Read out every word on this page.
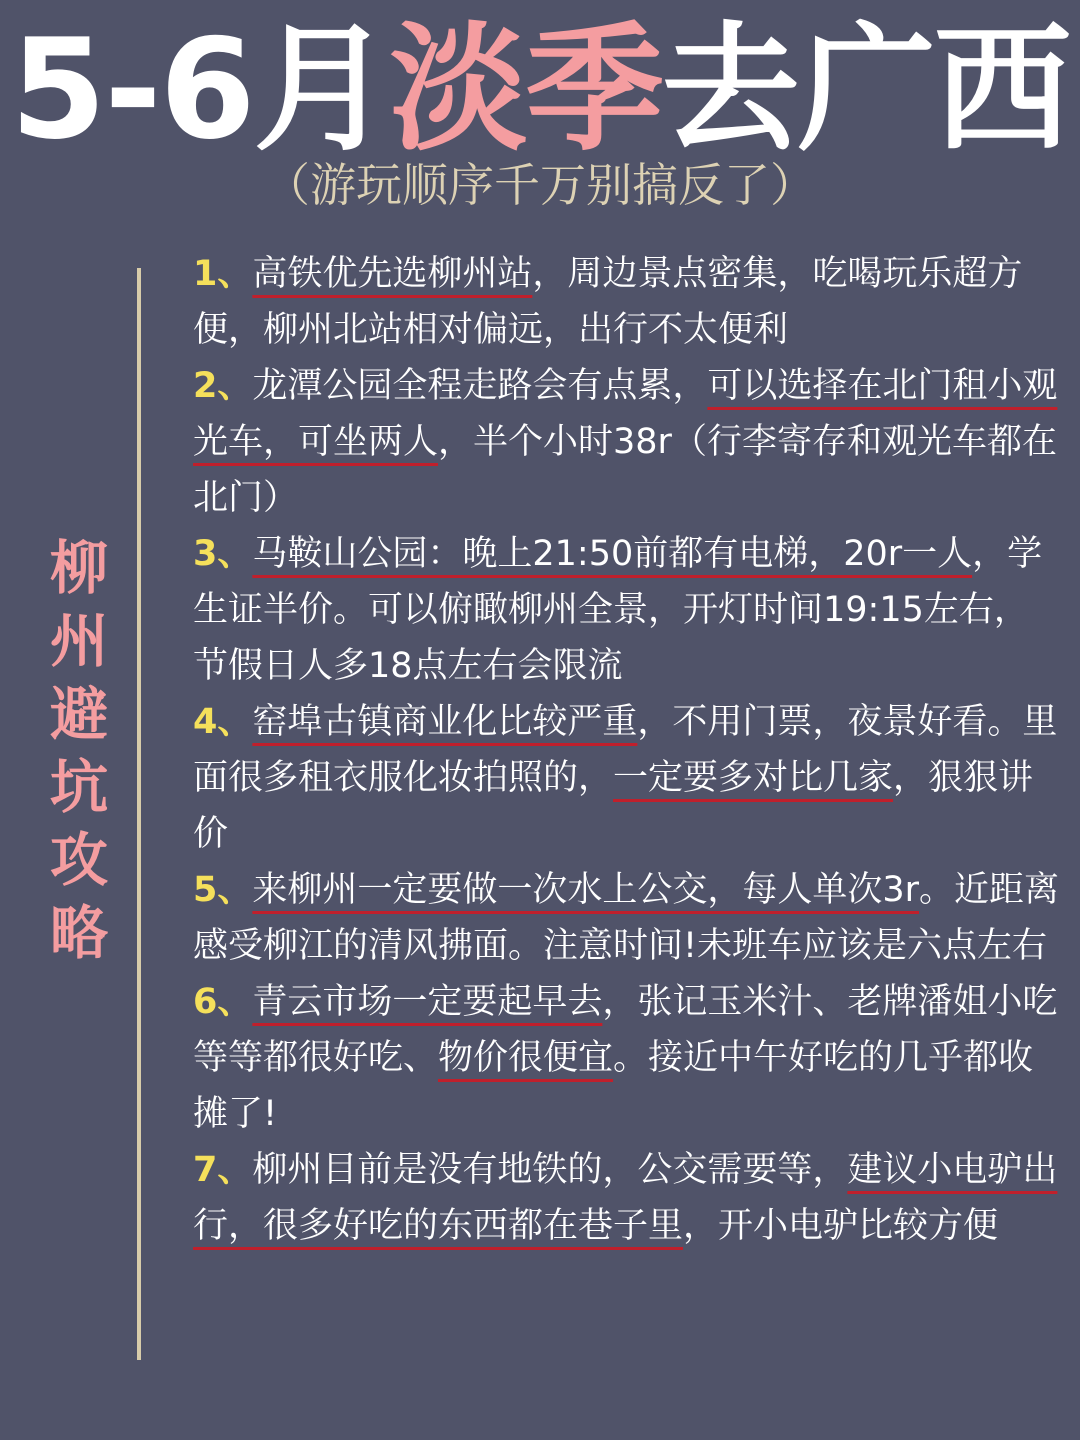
5-6月淡季去广西
（游玩顺序千万别搞反了）
柳州避坑攻略

1、高铁优先选柳州站，周边景点密集，吃喝玩乐超方便，柳州北站相对偏远，出行不太便利

2、龙潭公园全程走路会有点累，可以选择在北门租小观光车，可坐两人，半个小时38r（行李寄存和观光车都在北门）

3、马鞍山公园：晚上21:50前都有电梯，20r一人，学生证半价。可以俯瞰柳州全景，开灯时间19:15左右，节假日人多18点左右会限流

4、窑埠古镇商业化比较严重，不用门票，夜景好看。里面很多租衣服化妆拍照的，一定要多对比几家，狠狠讲价

5、来柳州一定要做一次水上公交，每人单次3r。近距离感受柳江的清风拂面。注意时间!未班车应该是六点左右

6、青云市场一定要起早去，张记玉米汁、老牌潘姐小吃等等都很好吃、物价很便宜。接近中午好吃的几乎都收摊了!

7、柳州目前是没有地铁的，公交需要等，建议小电驴出行，很多好吃的东西都在巷子里，开小电驴比较方便
